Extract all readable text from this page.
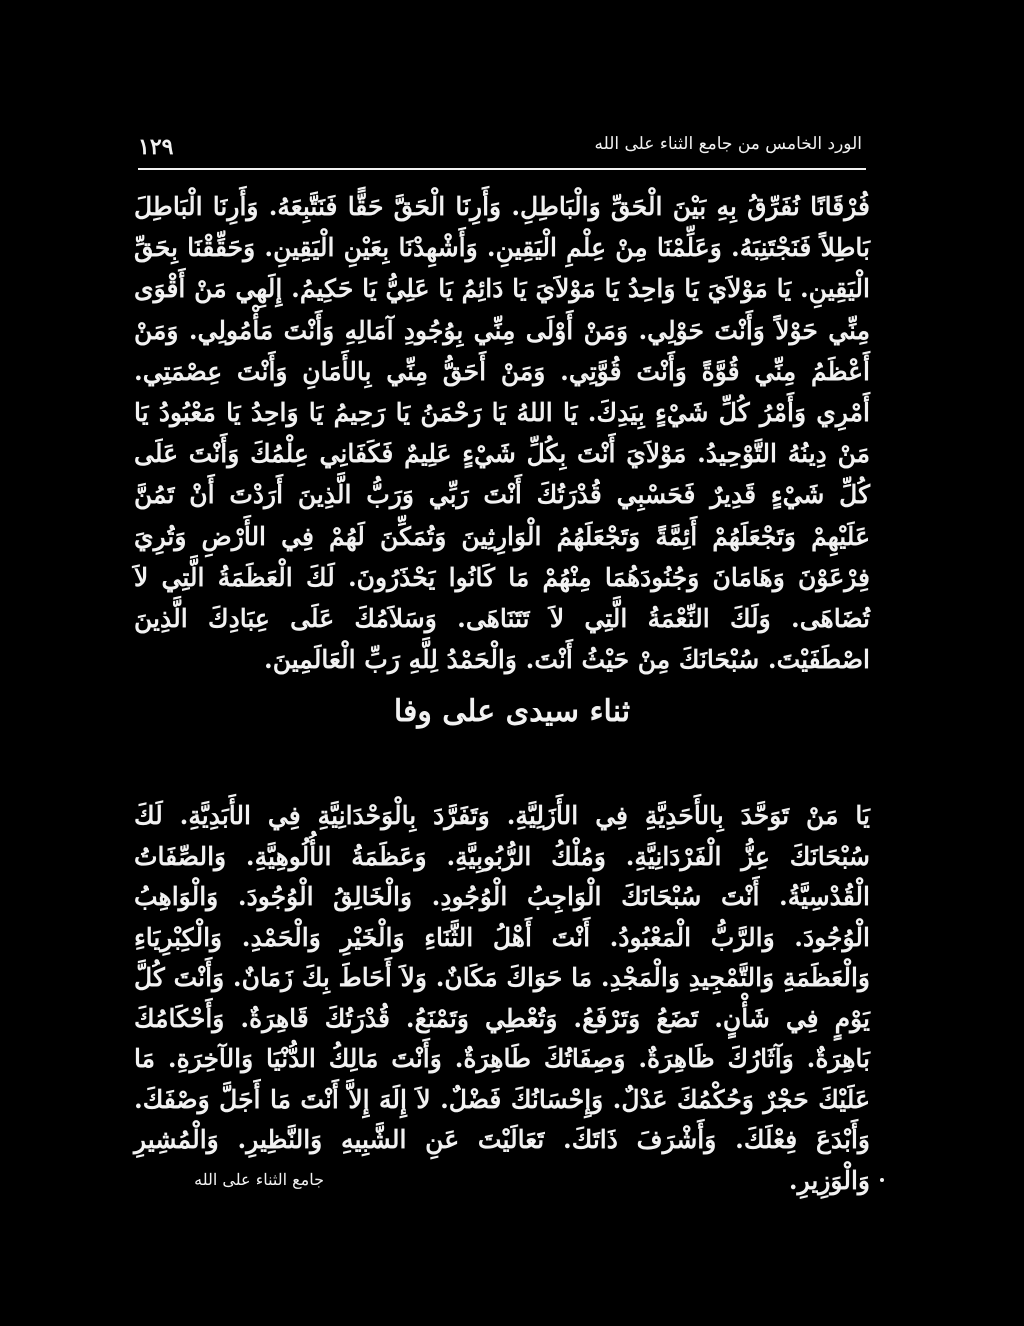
١٢٩	الورد الخامس من جامع الثناء على الله

فُرْقَانًا نُفَرِّقُ بِهِ بَيْنَ الْحَقِّ وَالْبَاطِلِ. وَأَرِنَا الْحَقَّ حَقًّا فَنَتَّبِعَهُ. وَأَرِنَا الْبَاطِلَ بَاطِلاً فَنَجْتَنِبَهُ. وَعَلِّمْنَا مِنْ عِلْمِ الْيَقِينِ. وَأَشْهِدْنَا بِعَيْنِ الْيَقِينِ. وَحَقِّقْنَا بِحَقِّ الْيَقِينِ. يَا مَوْلاَيَ يَا وَاحِدُ يَا مَوْلاَيَ يَا دَائِمُ يَا عَلِيُّ يَا حَكِيمُ. إِلَهِي مَنْ أَقْوَى مِنِّي حَوْلاً وَأَنْتَ حَوْلِي. وَمَنْ أَوْلَى مِنِّي بِوُجُودِ آمَالِهِ وَأَنْتَ مَأْمُولِي. وَمَنْ أَعْظَمُ مِنِّي قُوَّةً وَأَنْتَ قُوَّتِي. وَمَنْ أَحَقُّ مِنِّي بِالأَمَانِ وَأَنْتَ عِصْمَتِي. أَمْرِي وَأَمْرُ كُلِّ شَيْءٍ بِيَدِكَ. يَا اللهُ يَا رَحْمَنُ يَا رَحِيمُ يَا وَاحِدُ يَا مَعْبُودُ يَا مَنْ دِينُهُ التَّوْحِيدُ. مَوْلاَيَ أَنْتَ بِكُلِّ شَيْءٍ عَلِيمٌ فَكَفَانِي عِلْمُكَ وَأَنْتَ عَلَى كُلِّ شَيْءٍ قَدِيرٌ فَحَسْبِي قُدْرَتُكَ أَنْتَ رَبِّي وَرَبُّ الَّذِينَ أَرَدْتَ أَنْ تَمُنَّ عَلَيْهِمْ وَتَجْعَلَهُمْ أَئِمَّةً وَتَجْعَلَهُمُ الْوَارِثِينَ وَتُمَكِّنَ لَهُمْ فِي الأَرْضِ وَتُرِيَ فِرْعَوْنَ وَهَامَانَ وَجُنُودَهُمَا مِنْهُمْ مَا كَانُوا يَحْذَرُونَ. لَكَ الْعَظَمَةُ الَّتِي لاَ تُضَاهَى. وَلَكَ النِّعْمَةُ الَّتِي لاَ تَتَنَاهَى. وَسَلاَمُكَ عَلَى عِبَادِكَ الَّذِينَ اصْطَفَيْتَ. سُبْحَانَكَ مِنْ حَيْثُ أَنْتَ. وَالْحَمْدُ لِلَّهِ رَبِّ الْعَالَمِينَ.

ثناء سيدى على وفا

يَا مَنْ تَوَحَّدَ بِالأَحَدِيَّةِ فِي الأَزَلِيَّةِ. وَتَفَرَّدَ بِالْوَحْدَانِيَّةِ فِي الأَبَدِيَّةِ. لَكَ سُبْحَانَكَ عِزُّ الْفَرْدَانِيَّةِ. وَمُلْكُ الرُّبُوبِيَّةِ. وَعَظَمَةُ الأُلُوهِيَّةِ. وَالصِّفَاتُ الْقُدْسِيَّةُ. أَنْتَ سُبْحَانَكَ الْوَاجِبُ الْوُجُودِ. وَالْخَالِقُ الْوُجُودَ. وَالْوَاهِبُ الْوُجُودَ. وَالرَّبُّ الْمَعْبُودُ. أَنْتَ أَهْلُ الثَّنَاءِ وَالْخَيْرِ وَالْحَمْدِ. وَالْكِبْرِيَاءِ وَالْعَظَمَةِ وَالتَّمْجِيدِ وَالْمَجْدِ. مَا حَوَاكَ مَكَانٌ. وَلاَ أَحَاطَ بِكَ زَمَانٌ. وَأَنْتَ كُلَّ يَوْمٍ فِي شَأْنٍ. تَضَعُ وَتَرْفَعُ. وَتُعْطِي وَتَمْنَعُ. قُدْرَتُكَ قَاهِرَةٌ. وَأَحْكَامُكَ بَاهِرَةٌ. وَآثَارُكَ ظَاهِرَةٌ. وَصِفَاتُكَ طَاهِرَةٌ. وَأَنْتَ مَالِكُ الدُّنْيَا وَالآخِرَةِ. مَا عَلَيْكَ حَجْرٌ وَحُكْمُكَ عَدْلٌ. وَإِحْسَانُكَ فَضْلٌ. لاَ إِلَهَ إِلاَّ أَنْتَ مَا أَجَلَّ وَصْفَكَ. وَأَبْدَعَ فِعْلَكَ. وَأَشْرَفَ ذَاتَكَ. تَعَالَيْتَ عَنِ الشَّبِيهِ وَالنَّظِيرِ. وَالْمُشِيرِ وَالْوَزِيرِ.

جامع الثناء على الله
